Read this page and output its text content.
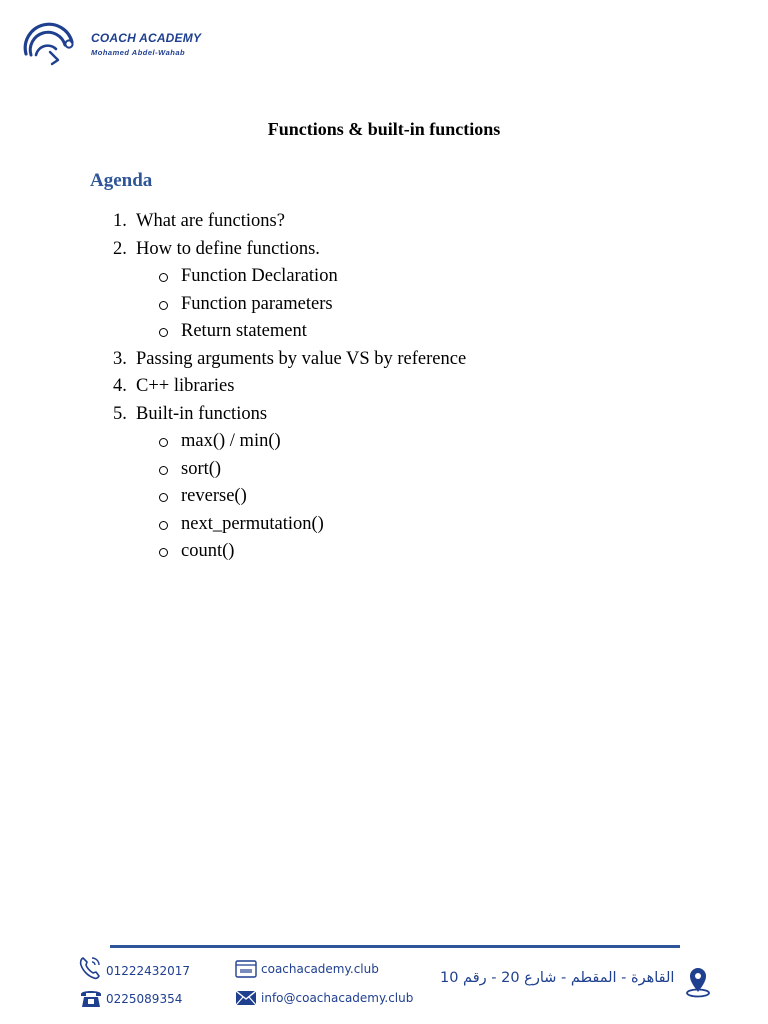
COACH ACADEMY
Mohamed Abdel-Wahab
Functions & built-in functions
Agenda
1. What are functions?
2. How to define functions.
Function Declaration
Function parameters
Return statement
3. Passing arguments by value VS by reference
4. C++ libraries
5. Built-in functions
max() / min()
sort()
reverse()
next_permutation()
count()
01222432017
0225089354
coachacademy.club
info@coachacademy.club
القاهرة - المقطم - شارع 20 - رقم 10
